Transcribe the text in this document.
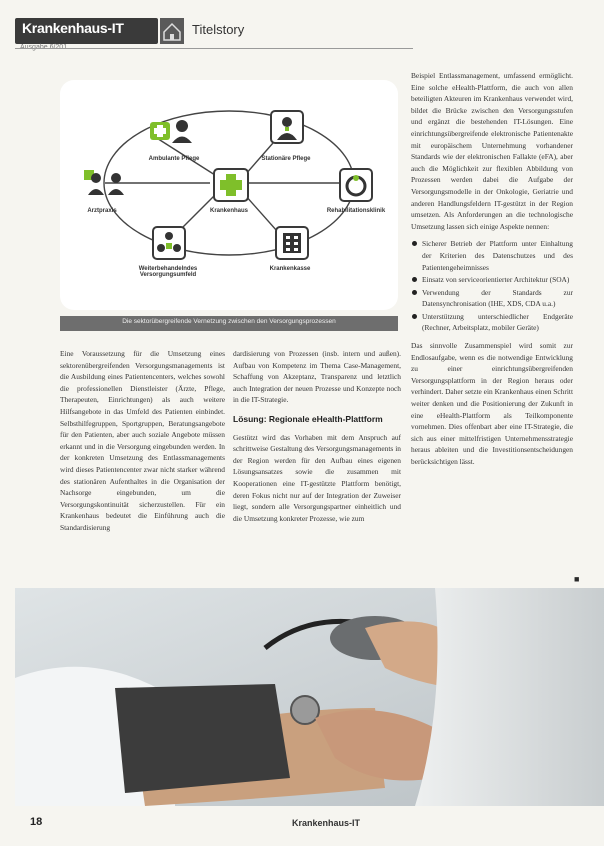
Krankenhaus-IT	Titelstory
Ambulante Pflege	Stationäre Pflege
Arztpraxis	Krankenhaus	Rehabilitationsklinik
Weiterbehandelndes Versorgungsumfeld
Krankenkasse
Die sektorübergreifende Vernetzung zwischen den Versorgungsprozessen

Eine Voraussetzung für die Umsetzung eines sektorenübergreifenden Versorgungsmanagements ist die Ausbildung eines Patientencenters, welches sowohl die professionellen Dienstleister (Ärzte, Pflege, Therapeuten, Einrichtungen) als auch weitere Hilfsangebote in das Umfeld des Patienten einbindet. Selbsthilfegruppen, Sportgruppen, Beratungsangebote für den Patienten, aber auch soziale Angebote müssen erkannt und in die Versorgung eingebunden werden. In der konkreten Umsetzung des Entlassmanagements wird dieses Patientencenter zwar nicht starker während des stationären Aufenthaltes in die Organisation der Nachsorge eingebunden, um die Versorgungskontinuität sicherzustellen. Für ein Krankenhaus bedeutet die Einführung auch die Standardisierung

dardisierung von Prozessen (insb. intern und außen). Aufbau von Kompetenz im Thema Case-Management, Schaffung von Akzeptanz, Transparenz und letztlich auch Integration der neuen Prozesse und Konzepte noch in die IT-Strategie.

Lösung: Regionale eHealth-Plattform

Gestützt wird das Vorhaben mit dem Anspruch auf schrittweise Gestaltung des Versorgungsmanagements in der Region werden für den Aufbau eines eigenen Lösungsansatzes sowie die zusammen mit Kooperationen eine IT-gestützte Plattform benötigt, deren Fokus nicht nur auf der Integration der Zuweiser liegt, sondern alle Versorgungspartner einheitlich und die Umsetzung konkreter Prozesse, wie zum

Beispiel Entlassmanagement, umfassend ermöglicht. Eine solche eHealth-Plattform, die auch von allen beteiligten Akteuren im Krankenhaus verwendet wird, bildet die Brücke zwischen den Versorgungsstufen und ergänzt die bestehenden IT-Lösungen. Eine einrichtungsübergreifende elektronische Patientenakte mit europäischem Unternehmung vorhandener Standards wie der elektronischen Fallakte (eFA), aber auch die Möglichkeit zur flexiblen Abbildung von Prozessen werden dabei die Aufgabe der Versorgungsmodelle in der Onkologie, Geriatrie und anderen Handlungsfeldern IT-gestützt in der Region umsetzen. Als Anforderungen an die technologische Umsetzung lassen sich einige Aspekte nennen:

Sicherer Betrieb der Plattform unter Einhaltung der Kriterien des Datenschutzes und des Patientengeheimnisses
Einsatz von serviceorientierter Architektur (SOA)
Verwendung der Standards zur Datensynchronisation (IHE, XDS, CDA u.a.)
Unterstützung unterschiedlicher Endgeräte (Rechner, Arbeitsplatz, mobiler Geräte)

Das sinnvolle Zusammenspiel wird somit zur Endlosaufgabe, wenn es die notwendige Entwicklung zu einer einrichtungsübergreifenden Versorgungsplattform in der Region heraus oder verhindert. Daher setzte ein Krankenhaus einen Schritt weiter denken und die Positionierung der Zukunft in eine eHealth-Plattform als Teilkomponente vornehmen. Dies offenbart aber eine IT-Strategie, die sich aus einer mittelfristigen Unternehmensstrategie heraus ableiten und die Investitionsentscheidungen berücksichtigen lässt.

■
18	Krankenhaus-IT
